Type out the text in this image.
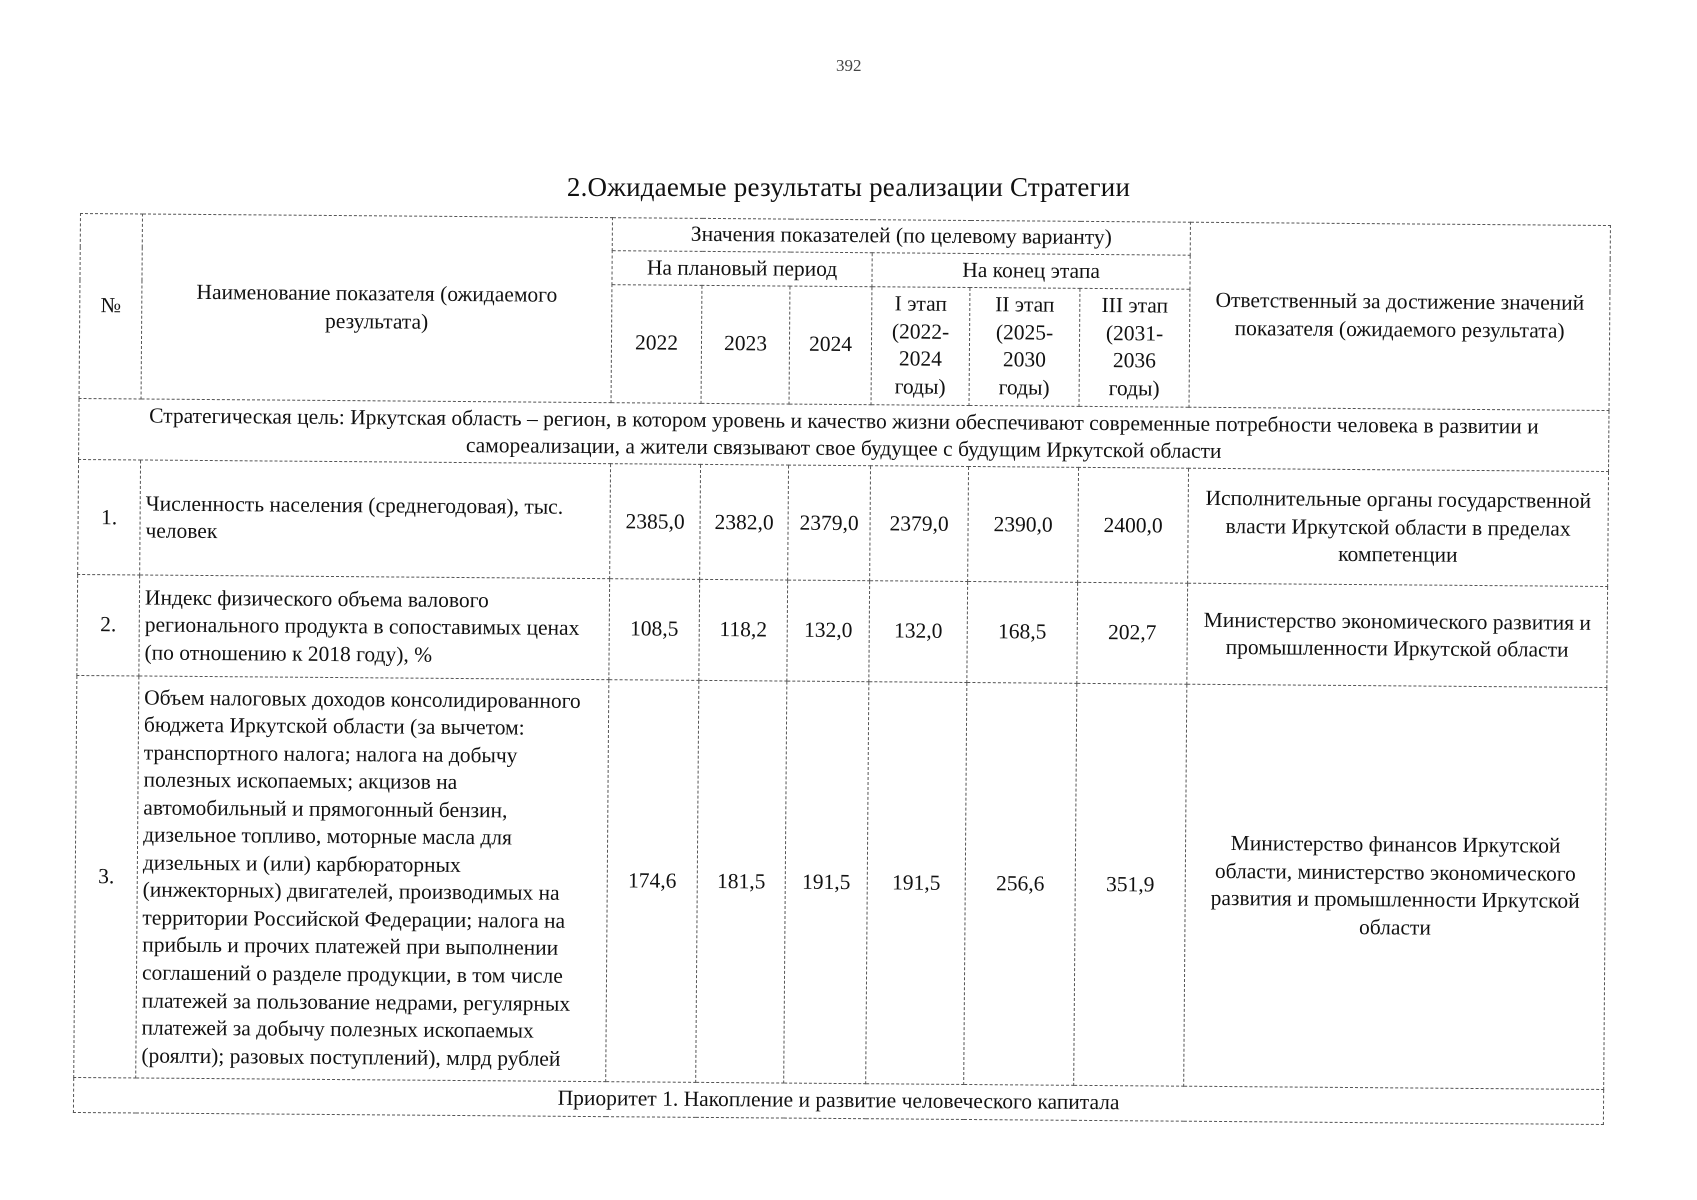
392
2.Ожидаемые результаты реализации Стратегии
№	Наименование показателя (ожидаемого результата)	Значения показателей (по целевому варианту)						Ответственный за достижение значений показателя (ожидаемого результата)
		На плановый период			На конец этапа			
		2022	2023	2024	I этап (2022-2024 годы)	II этап (2025-2030 годы)	III этап (2031-2036 годы)	
Стратегическая цель: Иркутская область – регион, в котором уровень и качество жизни обеспечивают современные потребности человека в развитии и самореализации, а жители связывают свое будущее с будущим Иркутской области								
1.	Численность населения (среднегодовая), тыс. человек	2385,0	2382,0	2379,0	2379,0	2390,0	2400,0	Исполнительные органы государственной власти Иркутской области в пределах компетенции
2.	Индекс физического объема валового регионального продукта в сопоставимых ценах (по отношению к 2018 году), %	108,5	118,2	132,0	132,0	168,5	202,7	Министерство экономического развития и промышленности Иркутской области
3.	Объем налоговых доходов консолидированного бюджета Иркутской области (за вычетом: транспортного налога; налога на добычу полезных ископаемых; акцизов на автомобильный и прямогонный бензин, дизельное топливо, моторные масла для дизельных и (или) карбюраторных (инжекторных) двигателей, производимых на территории Российской Федерации; налога на прибыль и прочих платежей при выполнении соглашений о разделе продукции, в том числе платежей за пользование недрами, регулярных платежей за добычу полезных ископаемых (роялти); разовых поступлений), млрд рублей	174,6	181,5	191,5	191,5	256,6	351,9	Министерство финансов Иркутской области, министерство экономического развития и промышленности Иркутской области
Приоритет 1. Накопление и развитие человеческого капитала								
